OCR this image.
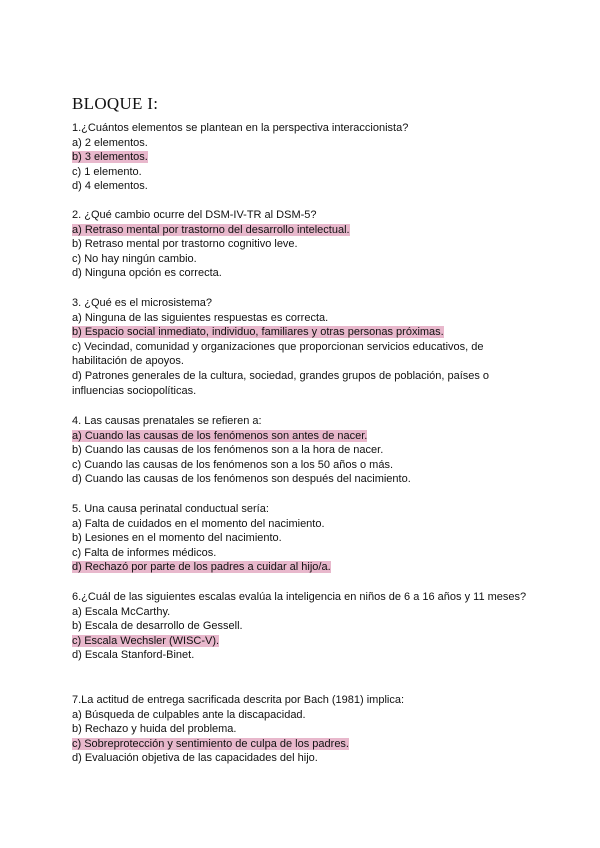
BLOQUE I:
1.¿Cuántos elementos se plantean en la perspectiva interaccionista?
a) 2 elementos.
b) 3 elementos.
c) 1 elemento.
d) 4 elementos.
2. ¿Qué cambio ocurre del DSM-IV-TR al DSM-5?
a) Retraso mental por trastorno del desarrollo intelectual.
b) Retraso mental por trastorno cognitivo leve.
c) No hay ningún cambio.
d) Ninguna opción es correcta.
3. ¿Qué es el microsistema?
a) Ninguna de las siguientes respuestas es correcta.
b) Espacio social inmediato, individuo, familiares y otras personas próximas.
c) Vecindad, comunidad y organizaciones que proporcionan servicios educativos, de habilitación de apoyos.
d) Patrones generales de la cultura, sociedad, grandes grupos de población, países o influencias sociopolíticas.
4. Las causas prenatales se refieren a:
a) Cuando las causas de los fenómenos son antes de nacer.
b) Cuando las causas de los fenómenos son a la hora de nacer.
c) Cuando las causas de los fenómenos son a los 50 años o más.
d) Cuando las causas de los fenómenos son después del nacimiento.
5. Una causa perinatal conductual sería:
a) Falta de cuidados en el momento del nacimiento.
b) Lesiones en el momento del nacimiento.
c) Falta de informes médicos.
d) Rechazó por parte de los padres a cuidar al hijo/a.
6.¿Cuál de las siguientes escalas evalúa la inteligencia en niños de 6 a 16 años y 11 meses?
a) Escala McCarthy.
b) Escala de desarrollo de Gessell.
c) Escala Wechsler (WISC-V).
d) Escala Stanford-Binet.
7.La actitud de entrega sacrificada descrita por Bach (1981) implica:
a) Búsqueda de culpables ante la discapacidad.
b) Rechazo y huida del problema.
c) Sobreprotección y sentimiento de culpa de los padres.
d) Evaluación objetiva de las capacidades del hijo.
